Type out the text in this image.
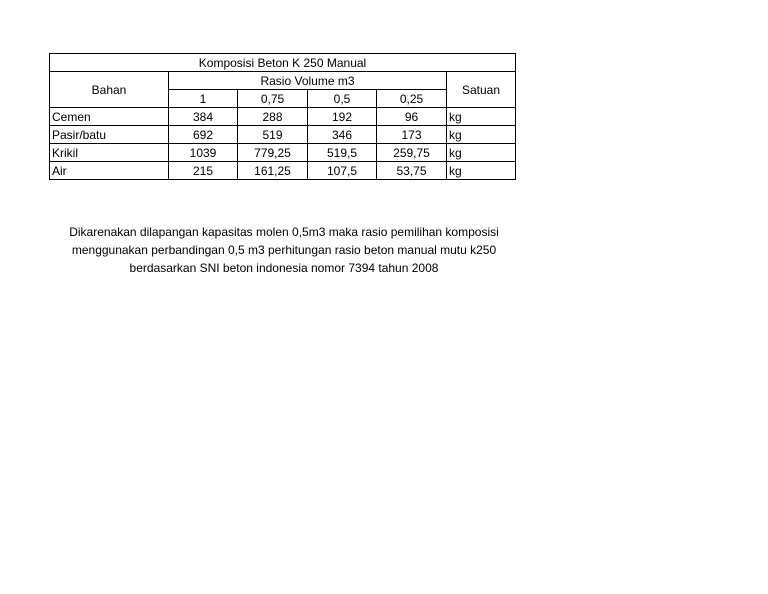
Komposisi Beton K 250 Manual					
Bahan	Rasio Volume m3				Satuan
	1	0,75	0,5	0,25	
Cemen	384	288	192	96	kg
Pasir/batu	692	519	346	173	kg
Krikil	1039	779,25	519,5	259,75	kg
Air	215	161,25	107,5	53,75	kg
Dikarenakan dilapangan kapasitas molen 0,5m3 maka rasio pemilihan komposisi
menggunakan perbandingan 0,5 m3 perhitungan rasio beton manual mutu k250
berdasarkan SNI beton indonesia nomor 7394 tahun 2008
